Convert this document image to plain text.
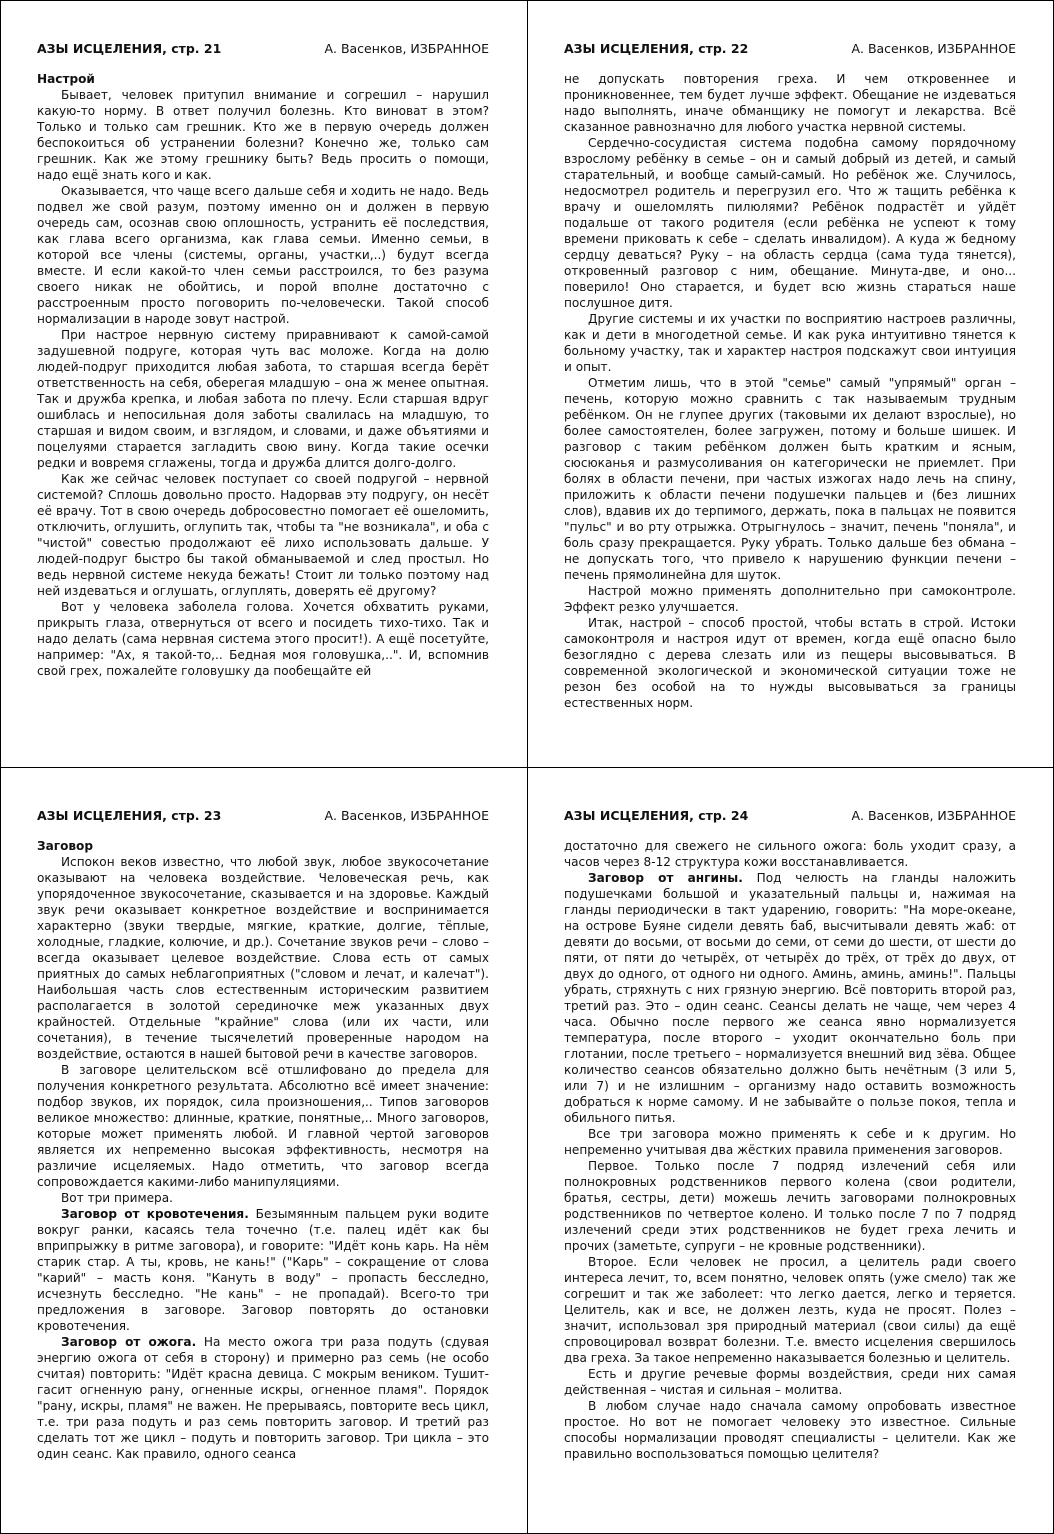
АЗЫ ИСЦЕЛЕНИЯ, стр. 21	А. Васенков, ИЗБРАННОЕ
Настрой

Бывает, человек притупил внимание и согрешил – нарушил какую-то норму. В ответ получил болезнь. Кто виноват в этом? Только и только сам грешник. Кто же в первую очередь должен беспокоиться об устранении болезни? Конечно же, только сам грешник. Как же этому грешнику быть? Ведь просить о помощи, надо ещё знать кого и как.

Оказывается, что чаще всего дальше себя и ходить не надо. Ведь подвел же свой разум, поэтому именно он и должен в первую очередь сам, осознав свою оплошность, устранить её последствия, как глава всего организма, как глава семьи. Именно семьи, в которой все члены (системы, органы, участки,..) будут всегда вместе. И если какой-то член семьи расстроился, то без разума своего никак не обойтись, и порой вполне достаточно с расстроенным просто поговорить по-человечески. Такой способ нормализации в народе зовут настрой.

При настрое нервную систему приравнивают к самой-самой задушевной подруге, которая чуть вас моложе. Когда на долю людей-подруг приходится любая забота, то старшая всегда берёт ответственность на себя, оберегая младшую – она ж менее опытная. Так и дружба крепка, и любая забота по плечу. Если старшая вдруг ошиблась и непосильная доля заботы свалилась на младшую, то старшая и видом своим, и взглядом, и словами, и даже объятиями и поцелуями старается загладить свою вину. Когда такие осечки редки и вовремя сглажены, тогда и дружба длится долго-долго.

Как же сейчас человек поступает со своей подругой – нервной системой? Сплошь довольно просто. Надорвав эту подругу, он несёт её врачу. Тот в свою очередь добросовестно помогает её ошеломить, отключить, оглушить, оглупить так, чтобы та "не возникала", и оба с "чистой" совестью продолжают её лихо использовать дальше. У людей-подруг быстро бы такой обманываемой и след простыл. Но ведь нервной системе некуда бежать! Стоит ли только поэтому над ней издеваться и оглушать, оглуплять, доверять её другому?

Вот у человека заболела голова. Хочется обхватить руками, прикрыть глаза, отвернуться от всего и посидеть тихо-тихо. Так и надо делать (сама нервная система этого просит!). А ещё посетуйте, например: "Ах, я такой-то,.. Бедная моя головушка,..". И, вспомнив свой грех, пожалейте головушку да пообещайте ей

АЗЫ ИСЦЕЛЕНИЯ, стр. 22	А. Васенков, ИЗБРАННОЕ

не допускать повторения греха. И чем откровеннее и проникновеннее, тем будет лучше эффект. Обещание не издеваться надо выполнять, иначе обманщику не помогут и лекарства. Всё сказанное равнозначно для любого участка нервной системы.

Сердечно-сосудистая система подобна самому порядочному взрослому ребёнку в семье – он и самый добрый из детей, и самый старательный, и вообще самый-самый. Но ребёнок же. Случилось, недосмотрел родитель и перегрузил его. Что ж тащить ребёнка к врачу и ошеломлять пилюлями? Ребёнок подрастёт и уйдёт подальше от такого родителя (если ребёнка не успеют к тому времени приковать к себе – сделать инвалидом). А куда ж бедному сердцу деваться? Руку – на область сердца (сама туда тянется), откровенный разговор с ним, обещание. Минута-две, и оно... поверило! Оно старается, и будет всю жизнь стараться наше послушное дитя.

Другие системы и их участки по восприятию настроев различны, как и дети в многодетной семье. И как рука интуитивно тянется к больному участку, так и характер настроя подскажут свои интуиция и опыт.

Отметим лишь, что в этой "семье" самый "упрямый" орган – печень, которую можно сравнить с так называемым трудным ребёнком. Он не глупее других (таковыми их делают взрослые), но более самостоятелен, более загружен, потому и больше шишек. И разговор с таким ребёнком должен быть кратким и ясным, сюсюканья и размусоливания он категорически не приемлет. При болях в области печени, при частых изжогах надо лечь на спину, приложить к области печени подушечки пальцев и (без лишних слов), вдавив их до терпимого, держать, пока в пальцах не появится "пульс" и во рту отрыжка. Отрыгнулось – значит, печень "поняла", и боль сразу прекращается. Руку убрать. Только дальше без обмана – не допускать того, что привело к нарушению функции печени – печень прямолинейна для шуток.

Настрой можно применять дополнительно при самоконтроле. Эффект резко улучшается.

Итак, настрой – способ простой, чтобы встать в строй. Истоки самоконтроля и настроя идут от времен, когда ещё опасно было безоглядно с дерева слезать или из пещеры высовываться. В современной экологической и экономической ситуации тоже не резон без особой на то нужды высовываться за границы естественных норм.

АЗЫ ИСЦЕЛЕНИЯ, стр. 23	А. Васенков, ИЗБРАННОЕ
Заговор

Испокон веков известно, что любой звук, любое звукосочетание оказывают на человека воздействие. Человеческая речь, как упорядоченное звукосочетание, сказывается и на здоровье. Каждый звук речи оказывает конкретное воздействие и воспринимается характерно (звуки твердые, мягкие, краткие, долгие, тёплые, холодные, гладкие, колючие, и др.). Сочетание звуков речи – слово – всегда оказывает целевое воздействие. Слова есть от самых приятных до самых неблагоприятных ("словом и лечат, и калечат"). Наибольшая часть слов естественным историческим развитием располагается в золотой серединочке меж указанных двух крайностей. Отдельные "крайние" слова (или их части, или сочетания), в течение тысячелетий проверенные народом на воздействие, остаются в нашей бытовой речи в качестве заговоров.

В заговоре целительском всё отшлифовано до предела для получения конкретного результата. Абсолютно всё имеет значение: подбор звуков, их порядок, сила произношения,.. Типов заговоров великое множество: длинные, краткие, понятные,.. Много заговоров, которые может применять любой. И главной чертой заговоров является их непременно высокая эффективность, несмотря на различие исцеляемых. Надо отметить, что заговор всегда сопровождается какими-либо манипуляциями.

Вот три примера.

Заговор от кровотечения. Безымянным пальцем руки водите вокруг ранки, касаясь тела точечно (т.е. палец идёт как бы вприпрыжку в ритме заговора), и говорите: "Идёт конь карь. На нём старик стар. А ты, кровь, не кань!" ("Карь" – сокращение от слова "карий" – масть коня. "Кануть в воду" – пропасть бесследно, исчезнуть бесследно. "Не кань" – не пропадай). Всего-то три предложения в заговоре. Заговор повторять до остановки кровотечения.

Заговор от ожога. На место ожога три раза подуть (сдувая энергию ожога от себя в сторону) и примерно раз семь (не особо считая) повторить: "Идёт красна девица. С мокрым веником. Тушит-гасит огненную рану, огненные искры, огненное пламя". Порядок "рану, искры, пламя" не важен. Не прерываясь, повторите весь цикл, т.е. три раза подуть и раз семь повторить заговор. И третий раз сделать тот же цикл – подуть и повторить заговор. Три цикла – это один сеанс. Как правило, одного сеанса

АЗЫ ИСЦЕЛЕНИЯ, стр. 24	А. Васенков, ИЗБРАННОЕ

достаточно для свежего не сильного ожога: боль уходит сразу, а часов через 8-12 структура кожи восстанавливается.

Заговор от ангины. Под челюсть на гланды наложить подушечками большой и указательный пальцы и, нажимая на гланды периодически в такт ударению, говорить: "На море-океане, на острове Буяне сидели девять баб, высчитывали девять жаб: от девяти до восьми, от восьми до семи, от семи до шести, от шести до пяти, от пяти до четырёх, от четырёх до трёх, от трёх до двух, от двух до одного, от одного ни одного. Аминь, аминь, аминь!". Пальцы убрать, стряхнуть с них грязную энергию. Всё повторить второй раз, третий раз. Это – один сеанс. Сеансы делать не чаще, чем через 4 часа. Обычно после первого же сеанса явно нормализуется температура, после второго – уходит окончательно боль при глотании, после третьего – нормализуется внешний вид зёва. Общее количество сеансов обязательно должно быть нечётным (3 или 5, или 7) и не излишним – организму надо оставить возможность добраться к норме самому. И не забывайте о пользе покоя, тепла и обильного питья.

Все три заговора можно применять к себе и к другим. Но непременно учитывая два жёстких правила применения заговоров.

Первое. Только после 7 подряд излечений себя или полнокровных родственников первого колена (свои родители, братья, сестры, дети) можешь лечить заговорами полнокровных родственников по четвертое колено. И только после 7 по 7 подряд излечений среди этих родственников не будет греха лечить и прочих (заметьте, супруги – не кровные родственники).

Второе. Если человек не просил, а целитель ради своего интереса лечит, то, всем понятно, человек опять (уже смело) так же согрешит и так же заболеет: что легко дается, легко и теряется. Целитель, как и все, не должен лезть, куда не просят. Полез – значит, использовал зря природный материал (свои силы) да ещё спровоцировал возврат болезни. Т.е. вместо исцеления свершилось два греха. За такое непременно наказывается болезнью и целитель.

Есть и другие речевые формы воздействия, среди них самая действенная – чистая и сильная – молитва.

В любом случае надо сначала самому опробовать известное простое. Но вот не помогает человеку это известное. Сильные способы нормализации проводят специалисты – целители. Как же правильно воспользоваться помощью целителя?
